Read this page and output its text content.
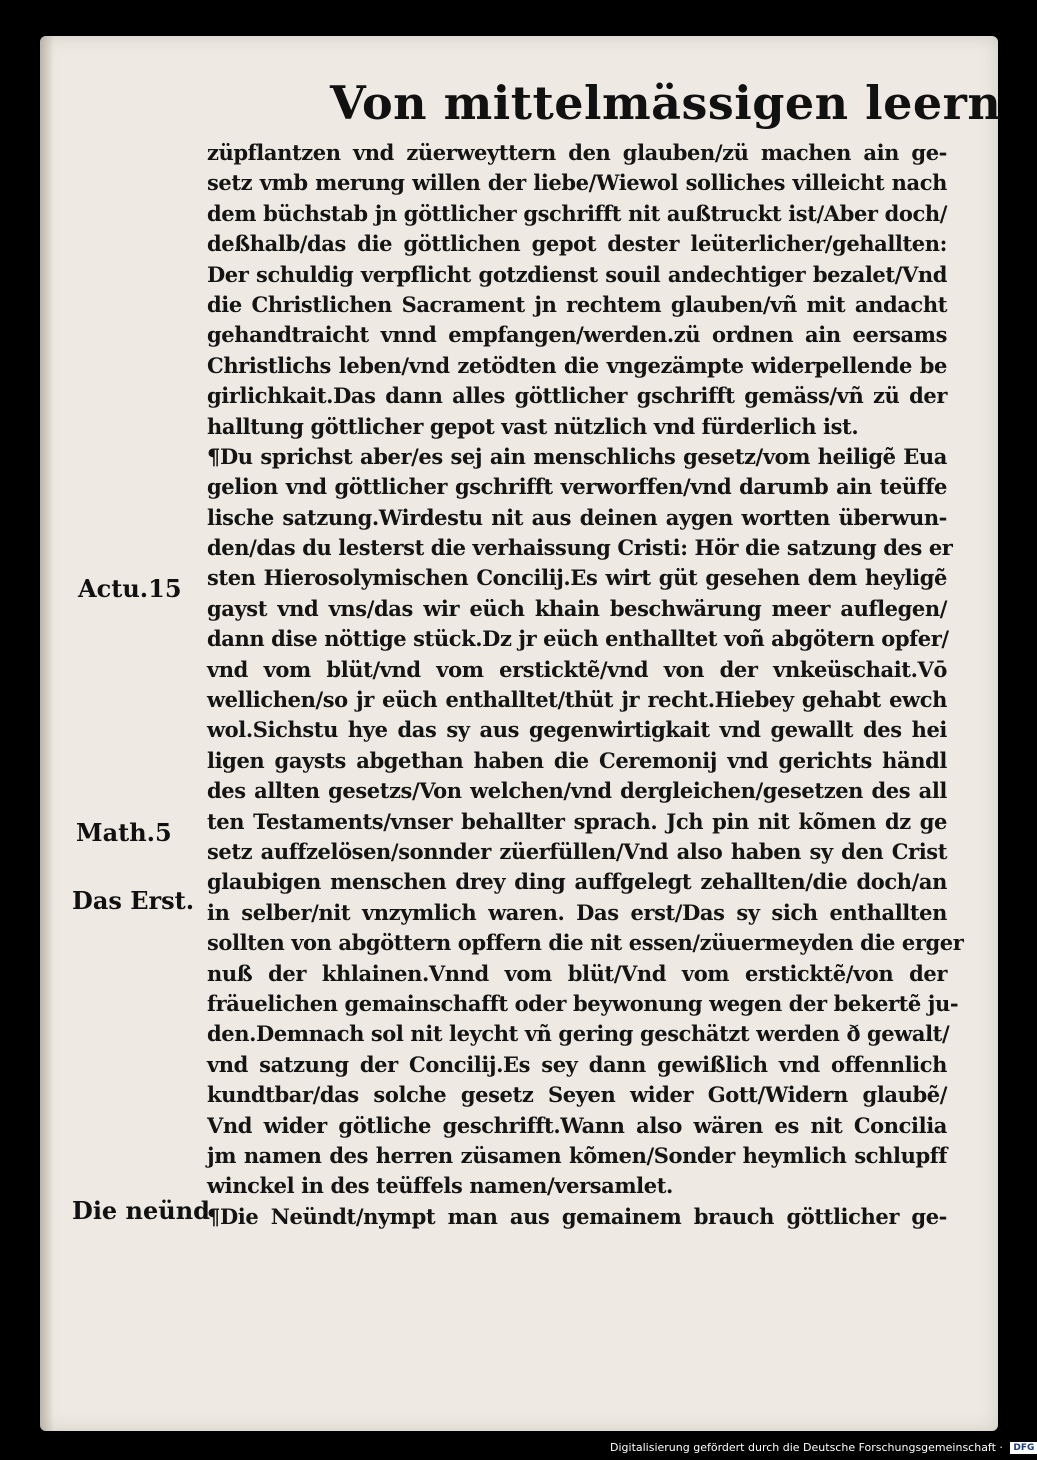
Von mittelmässigen leern
Actu.15
Math.5
Das Erst.
Die neünd
züpflantzen vnd züerweyttern den glauben/zü machen ain ge-
setz vmb merung willen der liebe/Wiewol solliches villeicht nach
dem büchstab jn göttlicher gschrifft nit außtruckt ist/Aber doch/
deßhalb/das die göttlichen gepot dester leüterlicher/gehallten:
Der schuldig verpflicht gotzdienst souil andechtiger bezalet/Vnd
die Christlichen Sacrament jn rechtem glauben/vñ mit andacht
gehandtraicht vnnd empfangen/werden.zü ordnen ain eersams
Christlichs leben/vnd zetödten die vngezämpte widerpellende be
girlichkait.Das dann alles göttlicher gschrifft gemäss/vñ zü der
halltung göttlicher gepot vast nützlich vnd fürderlich ist.
¶Du sprichst aber/es sej ain menschlichs gesetz/vom heiligẽ Eua
gelion vnd göttlicher gschrifft verworffen/vnd darumb ain teüffe
lische satzung.Wirdestu nit aus deinen aygen wortten überwun-
den/das du lesterst die verhaissung Cristi: Hör die satzung des er
sten Hierosolymischen Concilij.Es wirt güt gesehen dem heyligẽ
gayst vnd vns/das wir eüch khain beschwärung meer auflegen/
dann dise nöttige stück.Dz jr eüch enthalltet voñ abgötern opfer/
vnd vom blüt/vnd vom ersticktẽ/vnd von der vnkeüschait.Vō
wellichen/so jr eüch enthalltet/thüt jr recht.Hiebey gehabt ewch
wol.Sichstu hye das sy aus gegenwirtigkait vnd gewallt des hei
ligen gaysts abgethan haben die Ceremonij vnd gerichts händl
des allten gesetzs/Von welchen/vnd dergleichen/gesetzen des all
ten Testaments/vnser behallter sprach. Jch pin nit kõmen dz ge
setz auffzelösen/sonnder züerfüllen/Vnd also haben sy den Crist
glaubigen menschen drey ding auffgelegt zehallten/die doch/an
in selber/nit vnzymlich waren. Das erst/Das sy sich enthallten
sollten von abgöttern opffern die nit essen/züuermeyden die erger
nuß der khlainen.Vnnd vom blüt/Vnd vom ersticktẽ/von der
fräuelichen gemainschafft oder beywonung wegen der bekertẽ ju-
den.Demnach sol nit leycht vñ gering geschätzt werden ð gewalt/
vnd satzung der Concilij.Es sey dann gewißlich vnd offennlich
kundtbar/das solche gesetz Seyen wider Gott/Widern glaubẽ/
Vnd wider götliche geschrifft.Wann also wären es nit Concilia
jm namen des herren züsamen kõmen/Sonder heymlich schlupff
winckel in des teüffels namen/versamlet.
¶Die Neündt/nympt man aus gemainem brauch göttlicher ge-
Digitalisierung gefördert durch die Deutsche Forschungsgemeinschaft · DFG
